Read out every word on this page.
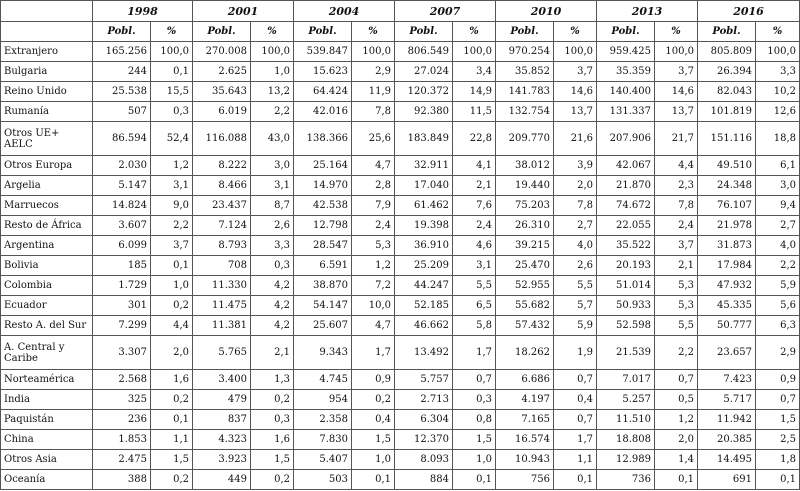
	1998		2001		2004		2007		2010		2013		2016	
	Pobl.	%	Pobl.	%	Pobl.	%	Pobl.	%	Pobl.	%	Pobl.	%	Pobl.	%
Extranjero	165.256	100,0	270.008	100,0	539.847	100,0	806.549	100,0	970.254	100,0	959.425	100,0	805.809	100,0
Bulgaria	244	0,1	2.625	1,0	15.623	2,9	27.024	3,4	35.852	3,7	35.359	3,7	26.394	3,3
Reino Unido	25.538	15,5	35.643	13,2	64.424	11,9	120.372	14,9	141.783	14,6	140.400	14,6	82.043	10,2
Rumanía	507	0,3	6.019	2,2	42.016	7,8	92.380	11,5	132.754	13,7	131.337	13,7	101.819	12,6
Otros UE+ AELC	86.594	52,4	116.088	43,0	138.366	25,6	183.849	22,8	209.770	21,6	207.906	21,7	151.116	18,8
Otros Europa	2.030	1,2	8.222	3,0	25.164	4,7	32.911	4,1	38.012	3,9	42.067	4,4	49.510	6,1
Argelia	5.147	3,1	8.466	3,1	14.970	2,8	17.040	2,1	19.440	2,0	21.870	2,3	24.348	3,0
Marruecos	14.824	9,0	23.437	8,7	42.538	7,9	61.462	7,6	75.203	7,8	74.672	7,8	76.107	9,4
Resto de África	3.607	2,2	7.124	2,6	12.798	2,4	19.398	2,4	26.310	2,7	22.055	2,4	21.978	2,7
Argentina	6.099	3,7	8.793	3,3	28.547	5,3	36.910	4,6	39.215	4,0	35.522	3,7	31.873	4,0
Bolivia	185	0,1	708	0,3	6.591	1,2	25.209	3,1	25.470	2,6	20.193	2,1	17.984	2,2
Colombia	1.729	1,0	11.330	4,2	38.870	7,2	44.247	5,5	52.955	5,5	51.014	5,3	47.932	5,9
Ecuador	301	0,2	11.475	4,2	54.147	10,0	52.185	6,5	55.682	5,7	50.933	5,3	45.335	5,6
Resto A. del Sur	7.299	4,4	11.381	4,2	25.607	4,7	46.662	5,8	57.432	5,9	52.598	5,5	50.777	6,3
A. Central y Caribe	3.307	2,0	5.765	2,1	9.343	1,7	13.492	1,7	18.262	1,9	21.539	2,2	23.657	2,9
Norteamérica	2.568	1,6	3.400	1,3	4.745	0,9	5.757	0,7	6.686	0,7	7.017	0,7	7.423	0,9
India	325	0,2	479	0,2	954	0,2	2.713	0,3	4.197	0,4	5.257	0,5	5.717	0,7
Paquistán	236	0,1	837	0,3	2.358	0,4	6.304	0,8	7.165	0,7	11.510	1,2	11.942	1,5
China	1.853	1,1	4.323	1,6	7.830	1,5	12.370	1,5	16.574	1,7	18.808	2,0	20.385	2,5
Otros Asia	2.475	1,5	3.923	1,5	5.407	1,0	8.093	1,0	10.943	1,1	12.989	1,4	14.495	1,8
Oceanía	388	0,2	449	0,2	503	0,1	884	0,1	756	0,1	736	0,1	691	0,1
